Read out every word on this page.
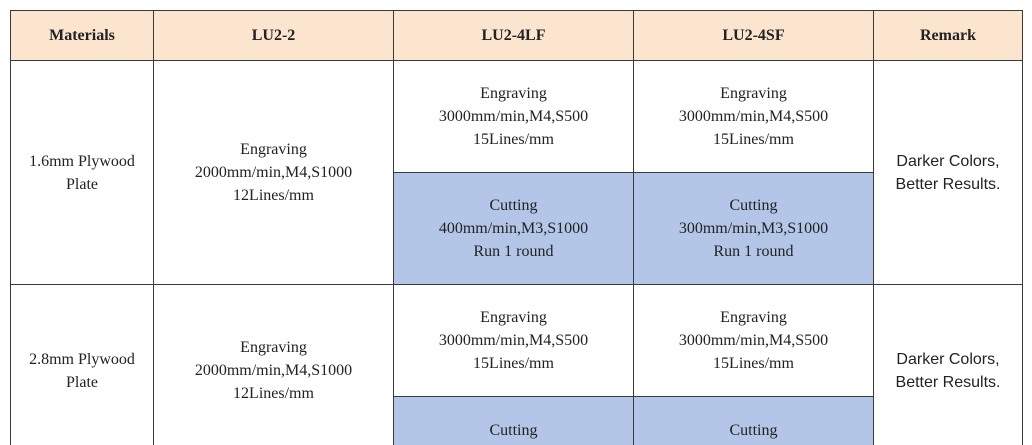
Materials	LU2-2	LU2-4LF	LU2-4SF	Remark

1.6mm Plywood
Plate	Engraving
2000mm/min,M4,S1000
12Lines/mm	Engraving
3000mm/min,M4,S500
15Lines/mm	Engraving
3000mm/min,M4,S500
15Lines/mm	Darker Colors,
Better Results.

		Cutting
400mm/min,M3,S1000
Run 1 round	Cutting
300mm/min,M3,S1000
Run 1 round	

2.8mm Plywood
Plate	Engraving
2000mm/min,M4,S1000
12Lines/mm	Engraving
3000mm/min,M4,S500
15Lines/mm	Engraving
3000mm/min,M4,S500
15Lines/mm	Darker Colors,
Better Results.

		Cutting	Cutting	
